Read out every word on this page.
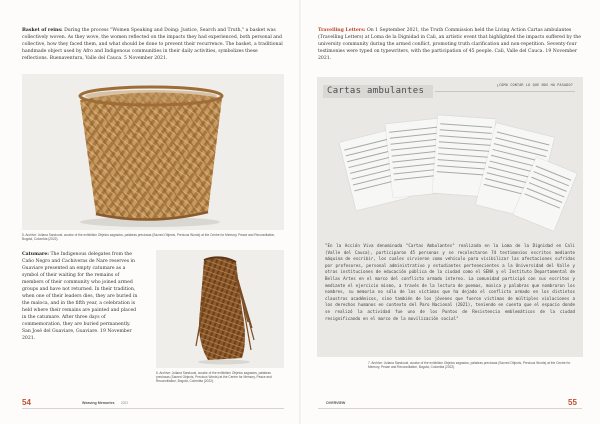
Basket of reins: During the process "Women Speaking and Doing: Justice, Search and Truth," a basket was collectively woven. As they wove, the women reflected on the impacts they had experienced, both personal and collective, how they faced them, and what should be done to prevent their recurrence. The basket, a traditional handmade object used by Afro and Indigenous communities in their daily activities, symbolizes these reflections. Buenaventura, Valle del Cauca. 5 November 2021.
5. Archive: Juliana Sandoval, curator of the exhibition Objetos sagrados, palabras preciosas (Sacred Objects, Precious Words) at the Centre for Memory, Peace and Reconciliation, Bogotá, Colombia (2022).
Catumare: The Indigenous delegates from the Caño Negro and Cachiveras de Nare reserves in Guaviare presented an empty catumare as a symbol of their waiting for the remains of members of their community who joined armed groups and have not returned. In their tradition, when one of their leaders dies, they are buried in the maloca, and in the fifth year, a celebration is held where their remains are painted and placed in the catumare. After three days of commemoration, they are buried permanently. San José del Guaviare, Guaviare. 19 November 2021.
6. Archive: Juliana Sandoval, curator of the exhibition Objetos sagrados, palabras preciosas (Sacred Objects, Precious Words) at the Centre for Memory, Peace and Reconciliation, Bogotá, Colombia (2022).
54	Weaving Memories 2022
Travelling Letters: On 1 September 2021, the Truth Commission held the Living Action Cartas ambulantes (Travelling Letters) at Loma de la Dignidad in Cali, an artistic event that highlighted the impacts suffered by the university community during the armed conflict, promoting truth clarification and non-repetition. Seventy-four testimonies were typed on typewriters, with the participation of 45 people. Cali, Valle del Cauca. 19 November 2021.
Cartas ambulantes
¿CÓMO CONTAR LO QUE NOS HA PASADO?
"En la Acción Viva denominada "Cartas Ambulantes" realizada en la Loma de la Dignidad en Cali (Valle del Cauca), participaron 45 personas y se recolectaron 74 testimonios escritos mediante máquina de escribir, los cuales sirvieron como vehículo para visibilizar las afectaciones sufridas por profesores, personal administrativo y estudiantes pertenecientes a la Universidad del Valle y otras instituciones de educación pública de la ciudad como el SENA y el Instituto Departamental de Bellas Artes en el marco del conflicto armado interno. La comunidad participó con sus escritos y mediante el ejercicio mismo, a través de la lectura de poemas, música y palabras que nombraron los nombres, su memoria no sólo de las víctimas que ha dejado el conflicto armado en los distintos claustros académicos, sino también de los jóvenes que fueron víctimas de múltiples violaciones a los derechos humanos en contexto del Paro Nacional (2021), teniendo en cuenta que el espacio donde se realizó la actividad fue uno de los Puntos de Resistencia emblemáticos de la ciudad resignificando en el marco de la movilización social"
7. Archive: Juliana Sandoval, curator of the exhibition Objetos sagrados, palabras preciosas (Sacred Objects, Precious Words) at the Centre for Memory, Peace and Reconciliation, Bogotá, Colombia (2022).
OVERVIEW	55
